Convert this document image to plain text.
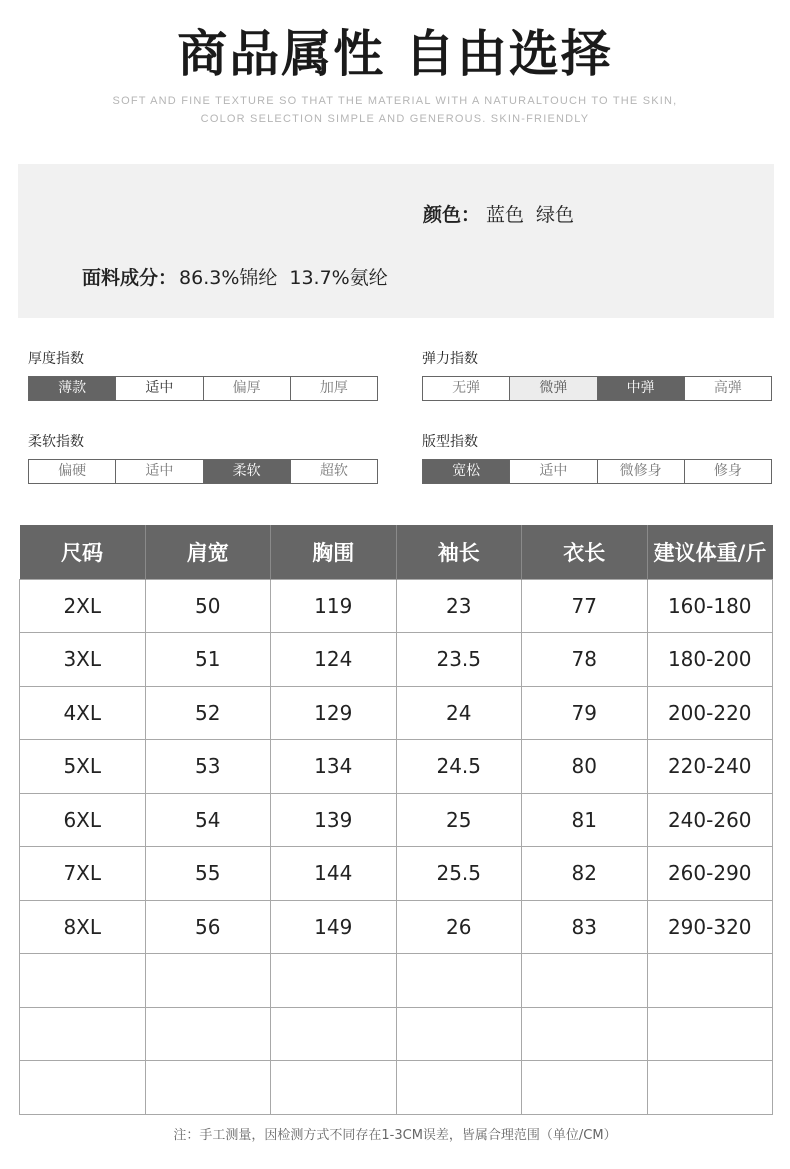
商品属性 自由选择
SOFT AND FINE TEXTURE SO THAT THE MATERIAL WITH A NATURALTOUCH TO THE SKIN,
COLOR SELECTION SIMPLE AND GENEROUS. SKIN-FRIENDLY
颜色： 蓝色 绿色
面料成分： 86.3%锦纶 13.7%氨纶
厚度指数
薄款	适中	偏厚	加厚
弹力指数
无弹	微弹	中弹	高弹
柔软指数
偏硬	适中	柔软	超软
版型指数
宽松	适中	微修身	修身
尺码	肩宽	胸围	袖长	衣长	建议体重/斤
2XL	50	119	23	77	160-180
3XL	51	124	23.5	78	180-200
4XL	52	129	24	79	200-220
5XL	53	134	24.5	80	220-240
6XL	54	139	25	81	240-260
7XL	55	144	25.5	82	260-290
8XL	56	149	26	83	290-320

注：手工测量，因检测方式不同存在1-3CM误差，皆属合理范围（单位/CM）
